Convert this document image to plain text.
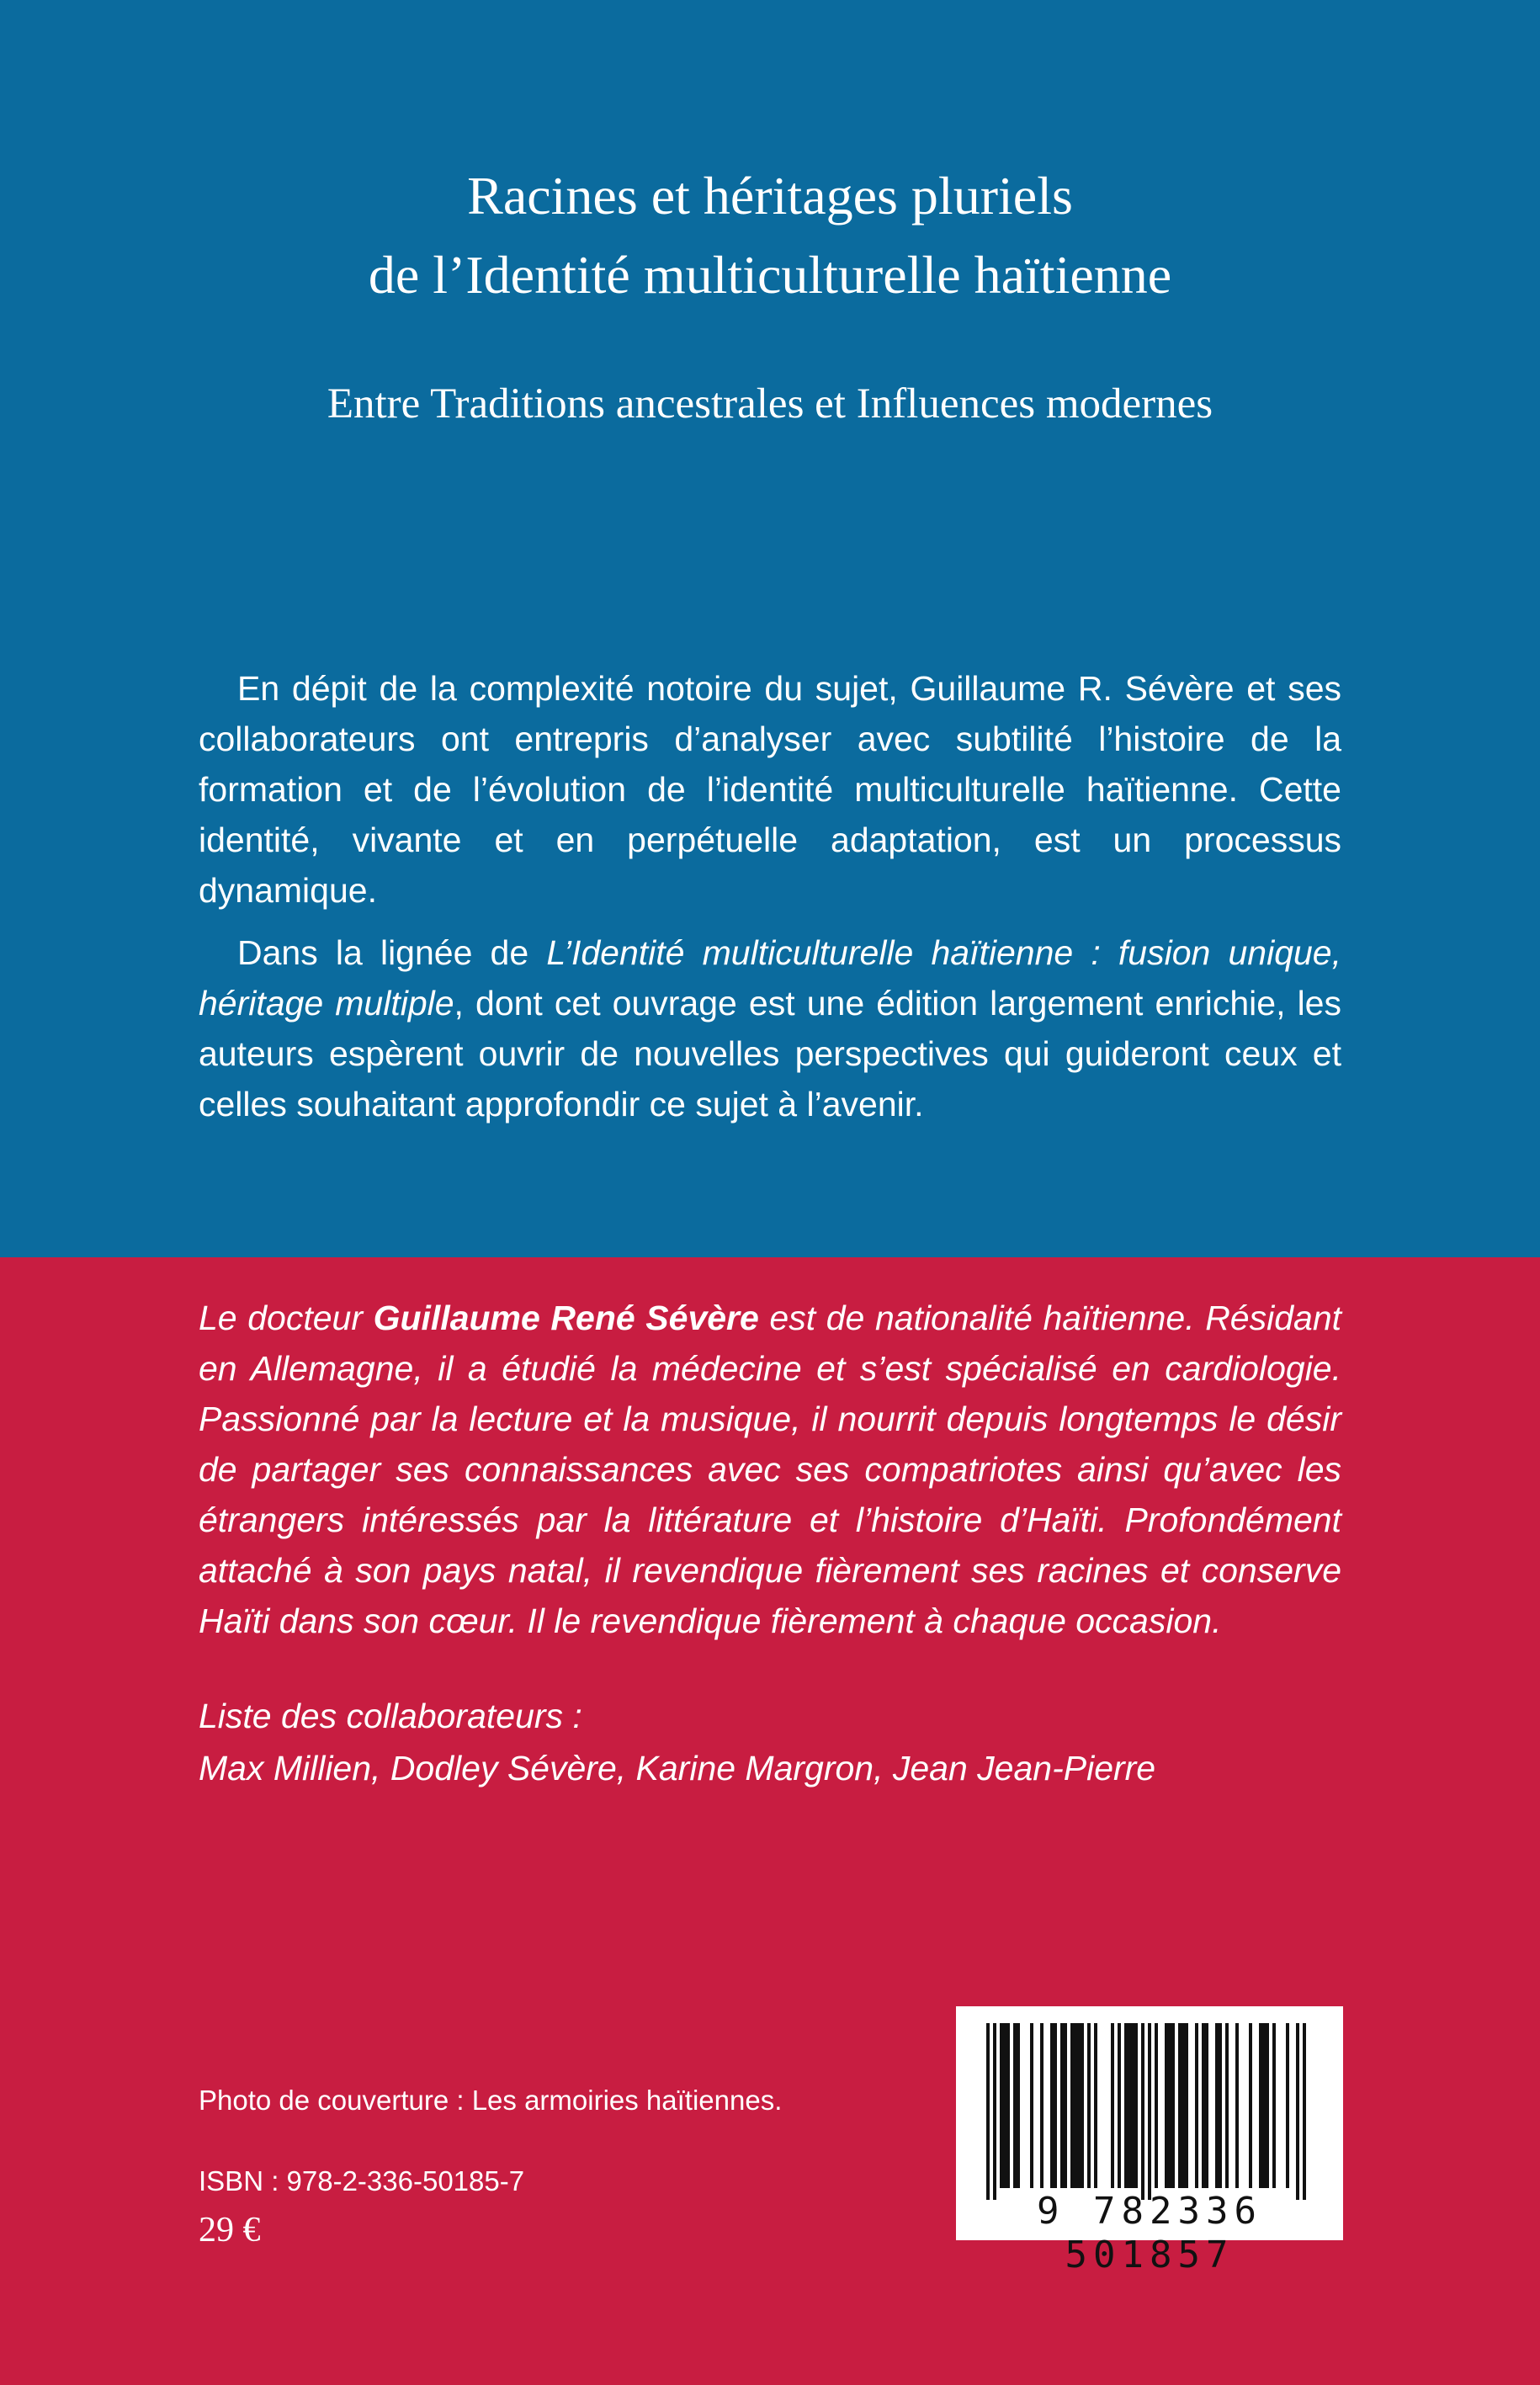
Racines et héritages pluriels
de l’Identité multiculturelle haïtienne
Entre Traditions ancestrales et Influences modernes

En dépit de la complexité notoire du sujet, Guillaume R. Sévère et ses collaborateurs ont entrepris d’analyser avec subtilité l’histoire de la formation et de l’évolution de l’identité multiculturelle haïtienne. Cette identité, vivante et en perpétuelle adaptation, est un processus dynamique.

Dans la lignée de L’Identité multiculturelle haïtienne : fusion unique, héritage multiple, dont cet ouvrage est une édition largement enrichie, les auteurs espèrent ouvrir de nouvelles perspectives qui guideront ceux et celles souhaitant approfondir ce sujet à l’avenir.

Le docteur Guillaume René Sévère est de nationalité haïtienne. Résidant en Allemagne, il a étudié la médecine et s’est spécialisé en cardiologie. Passionné par la lecture et la musique, il nourrit depuis longtemps le désir de partager ses connaissances avec ses compatriotes ainsi qu’avec les étrangers intéressés par la littérature et l’histoire d’Haïti. Profondément attaché à son pays natal, il revendique fièrement ses racines et conserve Haïti dans son cœur. Il le revendique fièrement à chaque occasion.

Liste des collaborateurs :
Max Millien, Dodley Sévère, Karine Margron, Jean Jean-Pierre
Photo de couverture : Les armoiries haïtiennes.
ISBN : 978-2-336-50185-7
29 €	9 782336 501857
